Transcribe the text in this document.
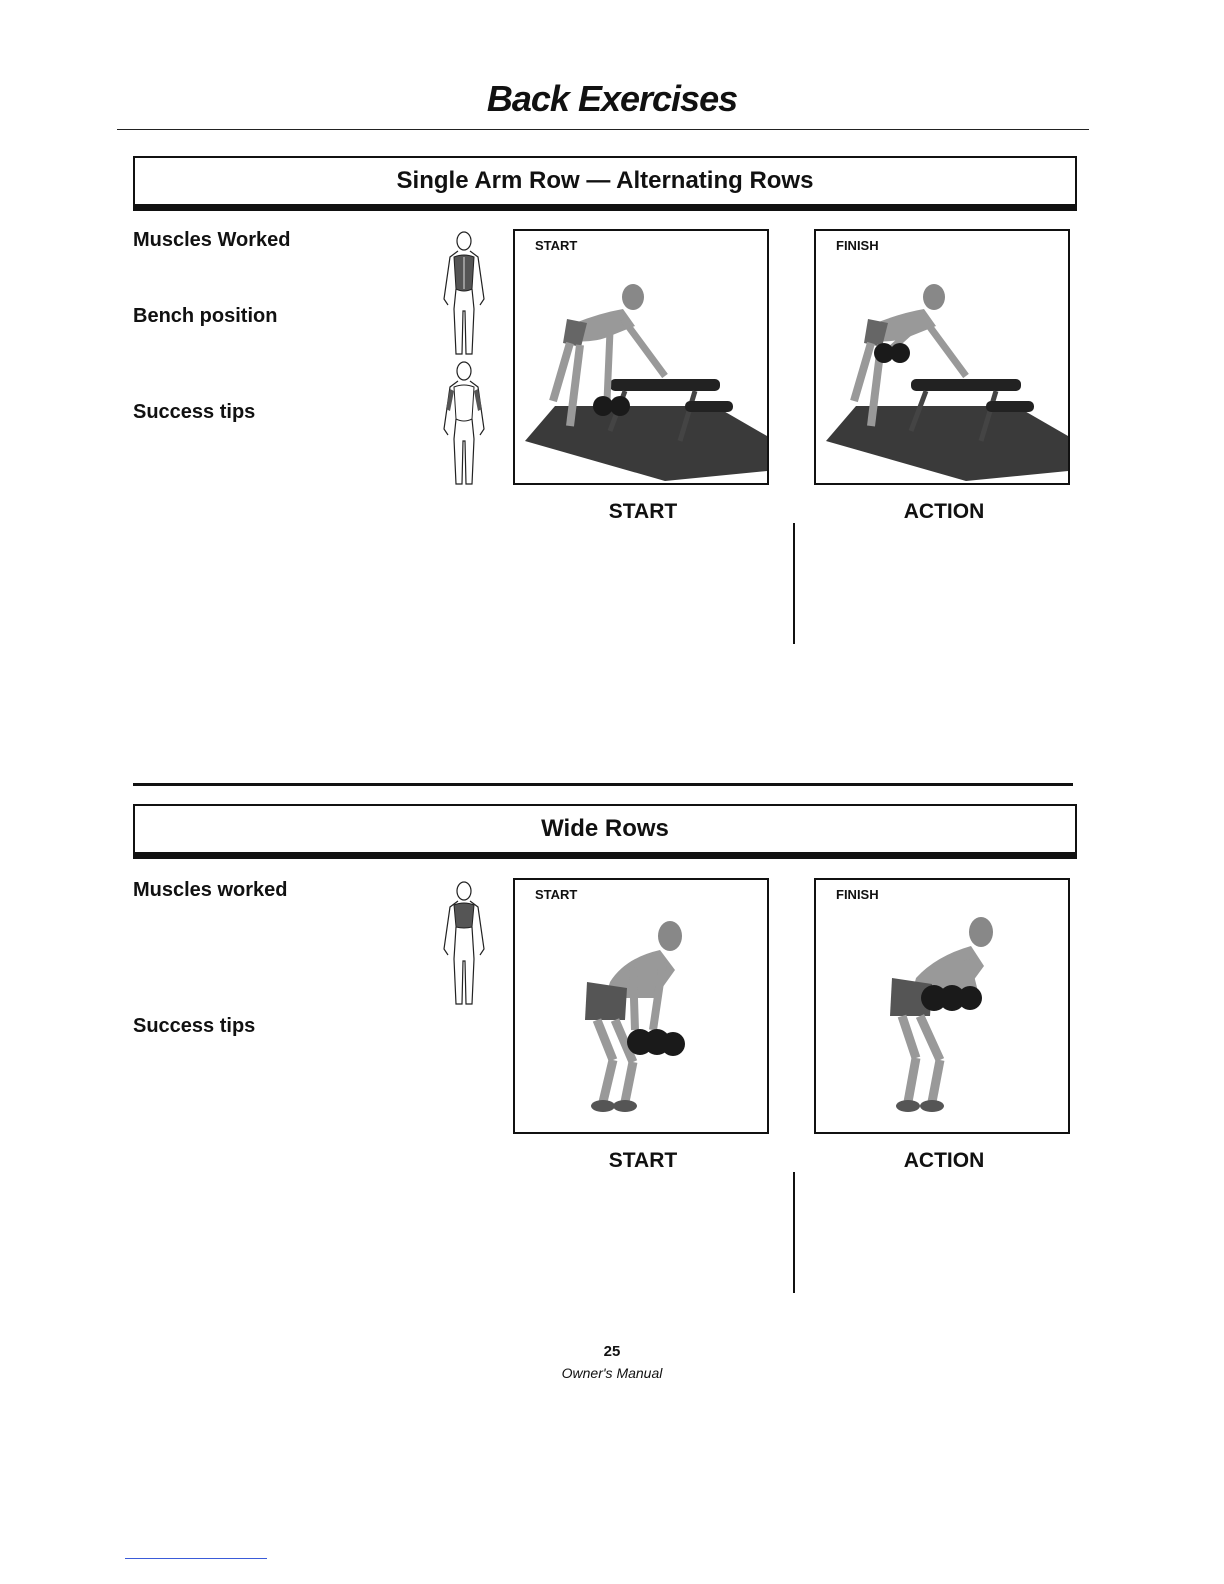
Back Exercises
Single Arm Row — Alternating Rows
Muscles Worked
Bench position
Success tips
START	FINISH
START	ACTION
Wide Rows
Muscles worked
Success tips
START	FINISH
START	ACTION
25
Owner's Manual
